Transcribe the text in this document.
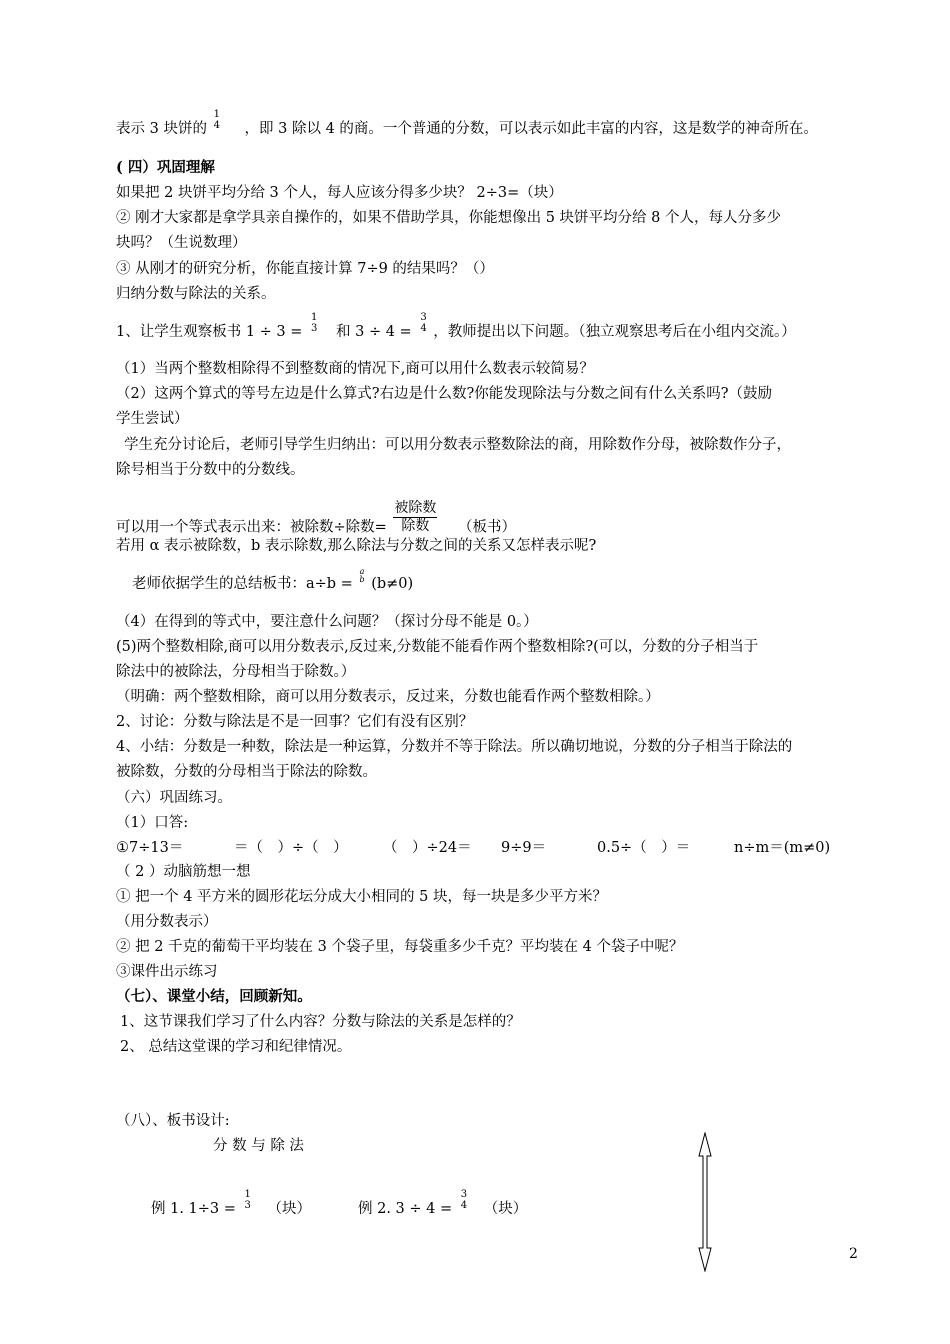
表示 3 块饼的
1
4 ，即 3 除以 4 的商。一个普通的分数，可以表示如此丰富的内容，这是数学的神奇所在。
( 四）巩固理解
如果把 2 块饼平均分给 3 个人，每人应该分得多少块？ 2÷3=（块）
② 刚才大家都是拿学具亲自操作的，如果不借助学具，你能想像出 5 块饼平均分给 8 个人，每人分多少
块吗？（生说数理）
③ 从刚才的研究分析，你能直接计算 7÷9 的结果吗？（）
归纳分数与除法的关系。
1、让学生观察板书 1 ÷ 3 =
1
3 和 3 ÷ 4 =
3
4 ，教师提出以下问题。（独立观察思考后在小组内交流。）
（1）当两个整数相除得不到整数商的情况下,商可以用什么数表示较简易？
（2）这两个算式的等号左边是什么算式?右边是什么数?你能发现除法与分数之间有什么关系吗?（鼓励
学生尝试）
学生充分讨论后，老师引导学生归纳出：可以用分数表示整数除法的商，用除数作分母，被除数作分子，
除号相当于分数中的分数线。
可以用一个等式表示出来：被除数÷除数= $\frac{\text{被除数}}{\text{除数}}$ （板书）
若用 α 表示被除数，b 表示除数,那么除法与分数之间的关系又怎样表示呢?
老师依据学生的总结板书：a÷b =
a
b (b≠0)
（4）在得到的等式中，要注意什么问题？（探讨分母不能是 0。）
(5)两个整数相除,商可以用分数表示,反过来,分数能不能看作两个整数相除?(可以，分数的分子相当于
除法中的被除法，分母相当于除数。）
（明确：两个整数相除，商可以用分数表示，反过来，分数也能看作两个整数相除。）
2、讨论：分数与除法是不是一回事？它们有没有区别？
4、小结：分数是一种数，除法是一种运算，分数并不等于除法。所以确切地说，分数的分子相当于除法的
被除数，分数的分母相当于除法的除数。
（六）巩固练习。
（1）口答:
①7÷13＝	＝（　）÷（　） （　）÷24＝ 9÷9＝	0.5÷（　）＝	n÷m＝(m≠0)
（ 2 ）动脑筋想一想
① 把一个 4 平方米的圆形花坛分成大小相同的 5 块，每一块是多少平方米？
（用分数表示）
② 把 2 千克的葡萄干平均装在 3 个袋子里，每袋重多少千克？平均装在 4 个袋子中呢？
③课件出示练习
（七）、课堂小结，回顾新知。
1、这节课我们学习了什么内容？分数与除法的关系是怎样的？
2、 总结这堂课的学习和纪律情况。
（八）、板书设计:
分 数 与 除 法
例 1. 1÷3 =
1
3 （块）	例 2. 3 ÷ 4 =
3
4 （块）
2
